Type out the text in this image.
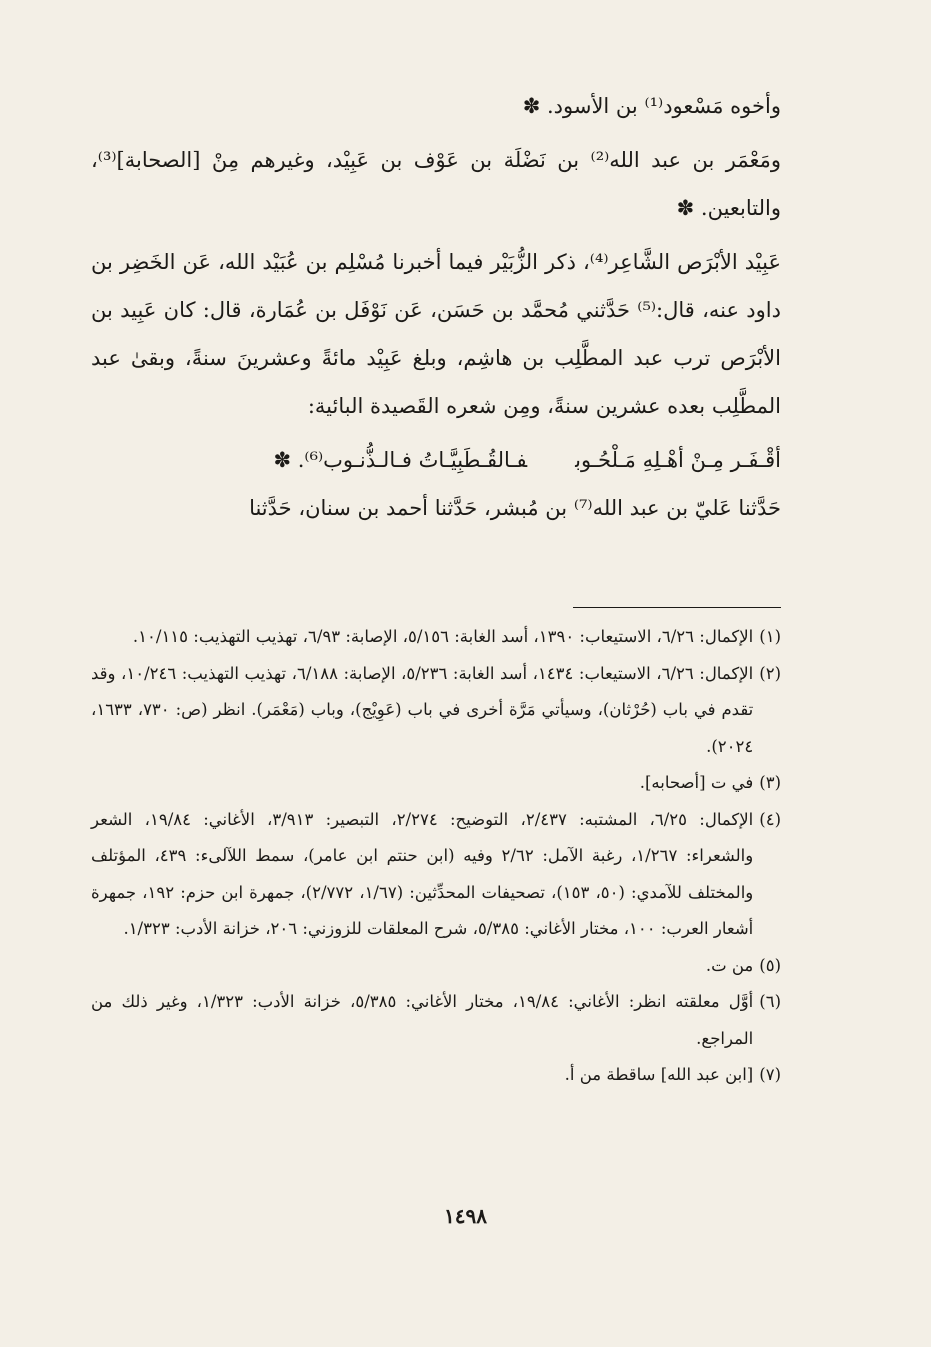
وأخوه مَسْعود⁽¹⁾ بن الأسود. ✽

ومَعْمَر بن عبد الله⁽²⁾ بن نَضْلَة بن عَوْف بن عَبِيْد، وغيرهم مِنْ [الصحابة]⁽³⁾، والتابعين. ✽

عَبِيْد الأبْرَص الشَّاعِر⁽⁴⁾، ذكر الزُّبَيْر فيما أخبرنا مُسْلِم بن عُبَيْد الله، عَن الخَضِر بن داود عنه، قال:⁽⁵⁾ حَدَّثني مُحمَّد بن حَسَن، عَن نَوْفَل بن عُمَارة، قال: كان عَبِيد بن الأبْرَص ترب عبد المطَّلِب بن هاشِم، وبلغ عَبِيْد مائةً وعشرينَ سنةً، وبقىٰ عبد المطَّلِب بعده عشرين سنةً، ومِن شعره القَصيدة البائية:

أقْـفَـر مِـنْ أهْـلِهِ مَـلْحُـوبفـالقُـطَبِيَّـاتُ فـالـذُّنـوب⁽⁶⁾. ✽

حَدَّثنا عَليّ بن عبد الله⁽⁷⁾ بن مُبشر، حَدَّثنا أحمد بن سنان، حَدَّثنا

(١)
الإكمال: ٦/٢٦، الاستيعاب: ١٣٩٠، أسد الغابة: ٥/١٥٦، الإصابة: ٦/٩٣، تهذيب التهذيب: ١٠/١١٥.
(٢)
الإكمال: ٦/٢٦، الاستيعاب: ١٤٣٤، أسد الغابة: ٥/٢٣٦، الإصابة: ٦/١٨٨، تهذيب التهذيب: ١٠/٢٤٦، وقد تقدم في باب (حُرْثان)، وسيأتي مَرَّة أخرى في باب (عَوِيْج)، وباب (مَعْمَر). انظر (ص: ٧٣٠، ١٦٣٣، ٢٠٢٤).
(٣)
في ت [أصحابه].
(٤)
الإكمال: ٦/٢٥، المشتبه: ٢/٤٣٧، التوضيح: ٢/٢٧٤، التبصير: ٣/٩١٣، الأغاني: ١٩/٨٤، الشعر والشعراء: ١/٢٦٧، رغبة الآمل: ٢/٦٢ وفيه (ابن حنتم ابن عامر)، سمط اللآلىء: ٤٣٩، المؤتلف والمختلف للآمدي: (٥٠، ١٥٣)، تصحيفات المحدِّثين: (١/٦٧، ٢/٧٧٢)، جمهرة ابن حزم: ١٩٢، جمهرة أشعار العرب: ١٠٠، مختار الأغاني: ٥/٣٨٥، شرح المعلقات للزوزني: ٢٠٦، خزانة الأدب: ١/٣٢٣.
(٥)
من ت.
(٦)
أوَّل معلقته انظر: الأغاني: ١٩/٨٤، مختار الأغاني: ٥/٣٨٥، خزانة الأدب: ١/٣٢٣، وغير ذلك من المراجع.
(٧)
[ابن عبد الله] ساقطة من أ.
١٤٩٨
